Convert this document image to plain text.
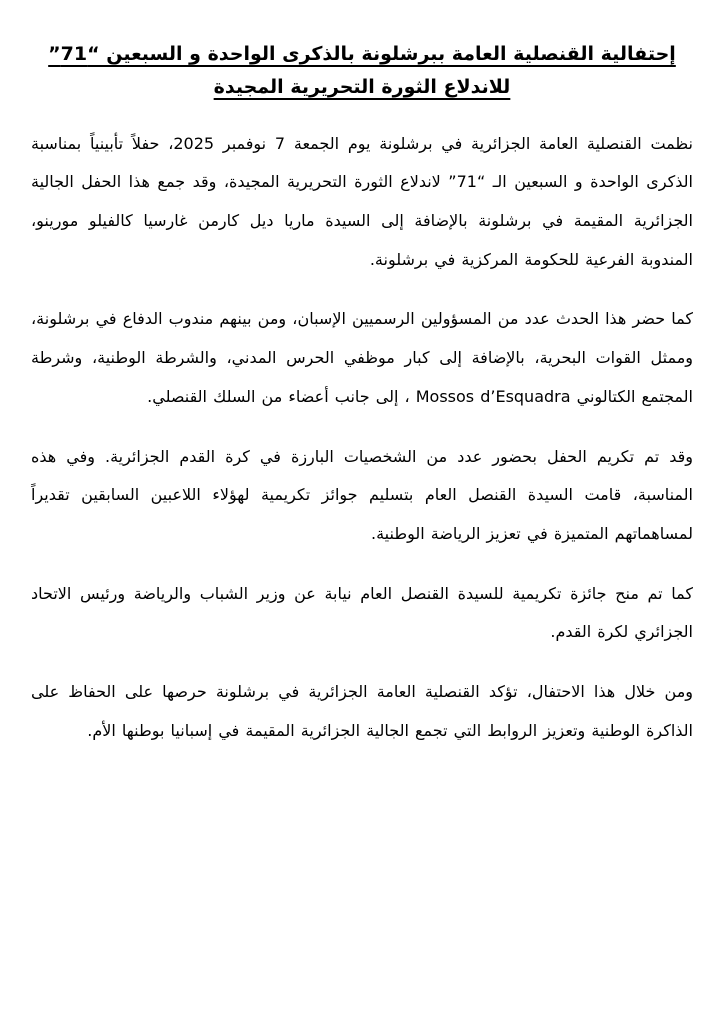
إحتفالية القنصلية العامة ببرشلونة بالذكرى الواحدة و السبعين “71”
للاندلاع الثورة التحريرية المجيدة

نظمت القنصلية العامة الجزائرية في برشلونة يوم الجمعة 7 نوفمبر 2025، حفلاً تأبينياً بمناسبة الذكرى الواحدة و السبعين الـ “71” لاندلاع الثورة التحريرية المجيدة، وقد جمع هذا الحفل الجالية الجزائرية المقيمة في برشلونة بالإضافة إلى السيدة ماريا ديل كارمن غارسيا كالفيلو مورينو، المندوبة الفرعية للحكومة المركزية في برشلونة.

كما حضر هذا الحدث عدد من المسؤولين الرسميين الإسبان، ومن بينهم مندوب الدفاع في برشلونة، وممثل القوات البحرية، بالإضافة إلى كبار موظفي الحرس المدني، والشرطة الوطنية، وشرطة المجتمع الكتالوني Mossos d’Esquadra ، إلى جانب أعضاء من السلك القنصلي.

وقد تم تكريم الحفل بحضور عدد من الشخصيات البارزة في كرة القدم الجزائرية. وفي هذه المناسبة، قامت السيدة القنصل العام بتسليم جوائز تكريمية لهؤلاء اللاعبين السابقين تقديراً لمساهماتهم المتميزة في تعزيز الرياضة الوطنية.

كما تم منح جائزة تكريمية للسيدة القنصل العام نيابة عن وزير الشباب والرياضة ورئيس الاتحاد الجزائري لكرة القدم.

ومن خلال هذا الاحتفال، تؤكد القنصلية العامة الجزائرية في برشلونة حرصها على الحفاظ على الذاكرة الوطنية وتعزيز الروابط التي تجمع الجالية الجزائرية المقيمة في إسبانيا بوطنها الأم.
